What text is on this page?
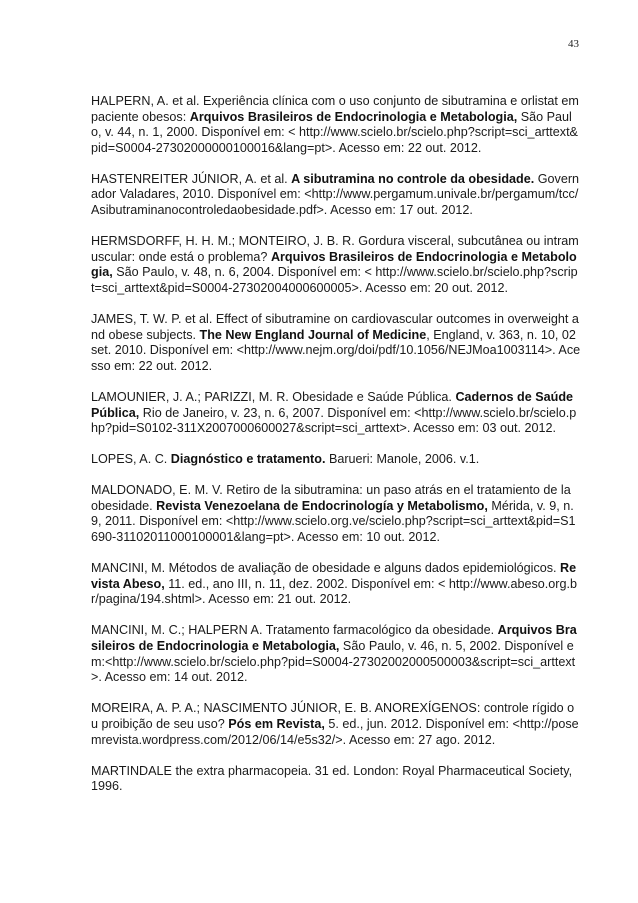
43

HALPERN, A. et al. Experiência clínica com o uso conjunto de sibutramina e orlistat em paciente obesos: Arquivos Brasileiros de Endocrinologia e Metabologia, São Paulo, v. 44, n. 1, 2000. Disponível em: < http://www.scielo.br/scielo.php?script=sci_arttext&pid=S0004-27302000000100016&lang=pt>. Acesso em: 22 out. 2012.

HASTENREITER JÚNIOR, A. et al. A sibutramina no controle da obesidade. Governador Valadares, 2010. Disponível em: <http://www.pergamum.univale.br/pergamum/tcc/Asibutraminanocontroledaobesidade.pdf>. Acesso em: 17 out. 2012.

HERMSDORFF, H. H. M.; MONTEIRO, J. B. R. Gordura visceral, subcutânea ou intramuscular: onde está o problema? Arquivos Brasileiros de Endocrinologia e Metabologia, São Paulo, v. 48, n. 6, 2004. Disponível em: < http://www.scielo.br/scielo.php?script=sci_arttext&pid=S0004-27302004000600005>. Acesso em: 20 out. 2012.

JAMES, T. W. P. et al. Effect of sibutramine on cardiovascular outcomes in overweight and obese subjects. The New England Journal of Medicine, England, v. 363, n. 10, 02 set. 2010. Disponível em: <http://www.nejm.org/doi/pdf/10.1056/NEJMoa1003114>. Acesso em: 22 out. 2012.

LAMOUNIER, J. A.; PARIZZI, M. R. Obesidade e Saúde Pública. Cadernos de Saúde Pública, Rio de Janeiro, v. 23, n. 6, 2007. Disponível em: <http://www.scielo.br/scielo.php?pid=S0102-311X2007000600027&script=sci_arttext>. Acesso em: 03 out. 2012.

LOPES, A. C. Diagnóstico e tratamento. Barueri: Manole, 2006. v.1.

MALDONADO, E. M. V. Retiro de la sibutramina: un paso atrás en el tratamiento de la obesidade. Revista Venezoelana de Endocrinología y Metabolismo, Mérida, v. 9, n. 9, 2011. Disponível em: <http://www.scielo.org.ve/scielo.php?script=sci_arttext&pid=S1690-31102011000100001&lang=pt>. Acesso em: 10 out. 2012.

MANCINI, M. Métodos de avaliação de obesidade e alguns dados epidemiológicos. Revista Abeso, 11. ed., ano III, n. 11, dez. 2002. Disponível em: < http://www.abeso.org.br/pagina/194.shtml>. Acesso em: 21 out. 2012.

MANCINI, M. C.; HALPERN A. Tratamento farmacológico da obesidade. Arquivos Brasileiros de Endocrinologia e Metabologia, São Paulo, v. 46, n. 5, 2002. Disponível em:<http://www.scielo.br/scielo.php?pid=S0004-27302002000500003&script=sci_arttext>. Acesso em: 14 out. 2012.

MOREIRA, A. P. A.; NASCIMENTO JÚNIOR, E. B. ANOREXÍGENOS: controle rígido ou proibição de seu uso? Pós em Revista, 5. ed., jun. 2012. Disponível em: <http://posemrevista.wordpress.com/2012/06/14/e5s32/>. Acesso em: 27 ago. 2012.

MARTINDALE the extra pharmacopeia. 31 ed. London: Royal Pharmaceutical Society, 1996.
